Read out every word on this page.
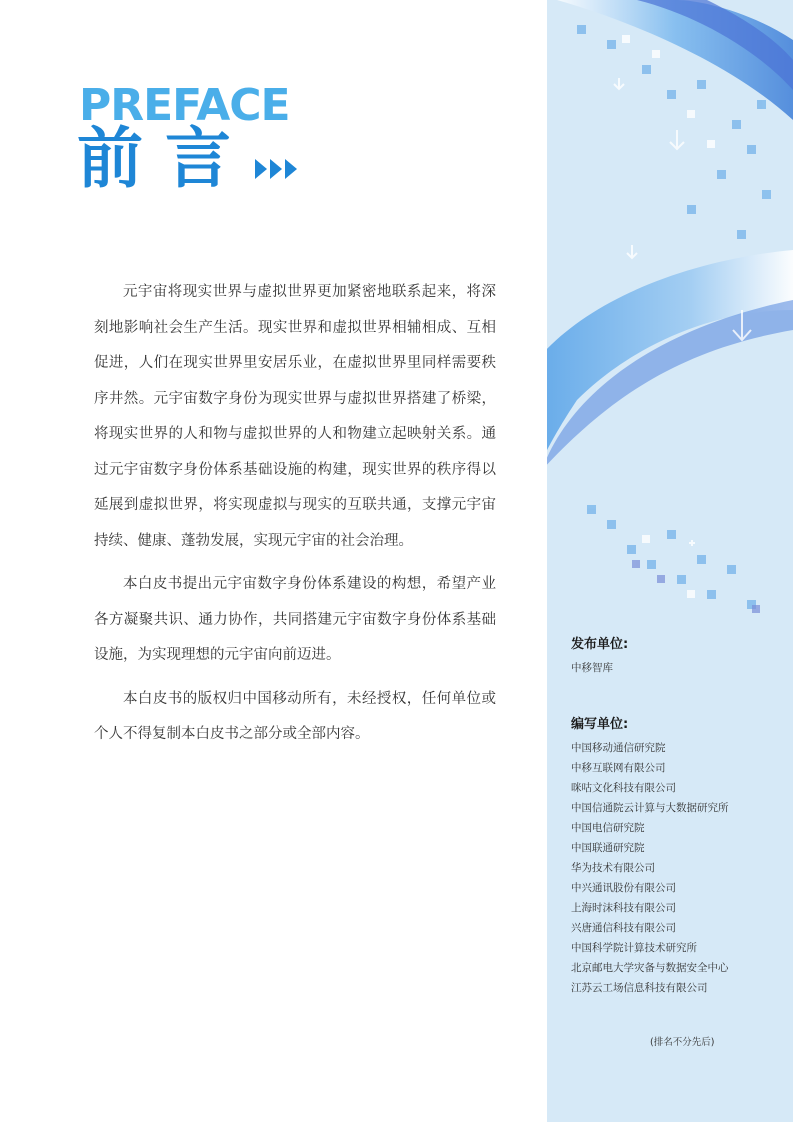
PREFACE
前言

元宇宙将现实世界与虚拟世界更加紧密地联系起来，将深刻地影响社会生产生活。现实世界和虚拟世界相辅相成、互相促进，人们在现实世界里安居乐业，在虚拟世界里同样需要秩序井然。元宇宙数字身份为现实世界与虚拟世界搭建了桥梁，将现实世界的人和物与虚拟世界的人和物建立起映射关系。通过元宇宙数字身份体系基础设施的构建，现实世界的秩序得以延展到虚拟世界，将实现虚拟与现实的互联共通，支撑元宇宙持续、健康、蓬勃发展，实现元宇宙的社会治理。

本白皮书提出元宇宙数字身份体系建设的构想，希望产业各方凝聚共识、通力协作，共同搭建元宇宙数字身份体系基础设施，为实现理想的元宇宙向前迈进。

本白皮书的版权归中国移动所有，未经授权，任何单位或个人不得复制本白皮书之部分或全部内容。

发布单位:
中移智库
编写单位:
中国移动通信研究院
中移互联网有限公司
咪咕文化科技有限公司
中国信通院云计算与大数据研究所
中国电信研究院
中国联通研究院
华为技术有限公司
中兴通讯股份有限公司
上海时沫科技有限公司
兴唐通信科技有限公司
中国科学院计算技术研究所
北京邮电大学灾备与数据安全中心
江苏云工场信息科技有限公司
(排名不分先后)
